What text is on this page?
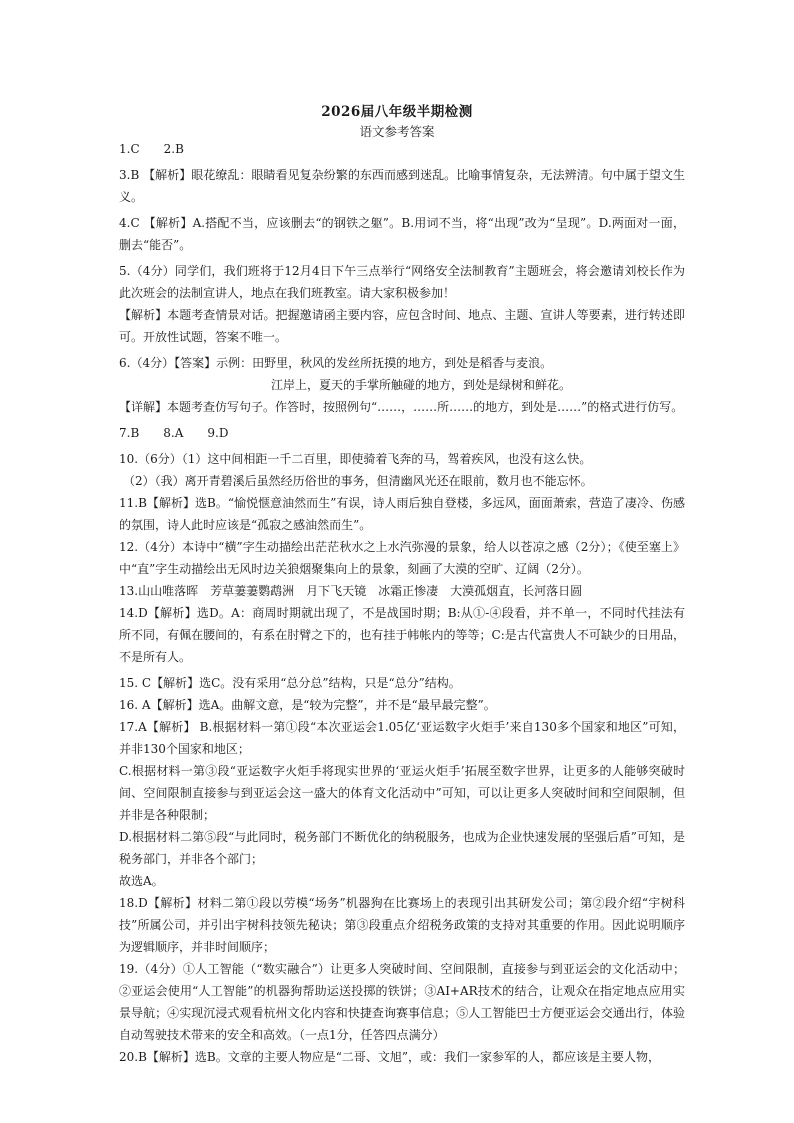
2026届八年级半期检测
语文参考答案

1.C　　2.B

3.B 【解析】眼花缭乱：眼睛看见复杂纷繁的东西而感到迷乱。比喻事情复杂，无法辨清。句中属于望文生义。

4.C 【解析】A.搭配不当，应该删去“的钢铁之躯”。B.用词不当，将“出现”改为“呈现”。D.两面对一面，删去“能否”。

5.（4分）同学们，我们班将于12月4日下午三点举行“网络安全法制教育”主题班会，将会邀请刘校长作为此次班会的法制宣讲人，地点在我们班教室。请大家积极参加！

【解析】本题考查情景对话。把握邀请函主要内容，应包含时间、地点、主题、宣讲人等要素，进行转述即可。开放性试题，答案不唯一。

6.（4分）【答案】示例：田野里，秋风的发丝所抚摸的地方，到处是稻香与麦浪。

江岸上，夏天的手掌所触碰的地方，到处是绿树和鲜花。

【详解】本题考查仿写句子。作答时，按照例句“……，……所……的地方，到处是……”的格式进行仿写。

7.B　　8.A　　9.D

10.（6分）（1）这中间相距一千二百里，即使骑着飞奔的马，驾着疾风，也没有这么快。

（2）（我）离开青碧溪后虽然经历俗世的事务，但清幽风光还在眼前，数月也不能忘怀。

11.B【解析】选B。“愉悦惬意油然而生”有误，诗人雨后独自登楼，多远风，面面萧索，营造了凄冷、伤感的氛围，诗人此时应该是“孤寂之感油然而生”。

12.（4分）本诗中“横”字生动描绘出茫茫秋水之上水汽弥漫的景象，给人以苍凉之感（2分）；《使至塞上》中“直”字生动描绘出无风时边关狼烟聚集向上的景象，刻画了大漠的空旷、辽阔（2分）。

13.山山唯落晖　芳草萋萋鹦鹉洲　月下飞天镜　冰霜正惨凄　大漠孤烟直，长河落日圆

14.D【解析】选D。A：商周时期就出现了，不是战国时期；B:从①-④段看，并不单一，不同时代挂法有所不同，有佩在腰间的，有系在肘臂之下的，也有挂于帏帐内的等等；C:是古代富贵人不可缺少的日用品，不是所有人。

15. C【解析】选C。没有采用“总分总”结构，只是“总分”结构。

16. A【解析】选A。曲解文意，是“较为完整”，并不是“最早最完整”。

17.A【解析】 B.根据材料一第①段“本次亚运会1.05亿‘亚运数字火炬手’来自130多个国家和地区”可知，并非130个国家和地区；

C.根据材料一第③段“亚运数字火炬手将现实世界的‘亚运火炬手’拓展至数字世界，让更多的人能够突破时间、空间限制直接参与到亚运会这一盛大的体育文化活动中”可知，可以让更多人突破时间和空间限制，但并非是各种限制；

D.根据材料二第⑤段“与此同时，税务部门不断优化的纳税服务，也成为企业快速发展的坚强后盾”可知，是税务部门，并非各个部门；

故选A。

18.D【解析】材料二第①段以劳模“场务”机器狗在比赛场上的表现引出其研发公司；第②段介绍“宇树科技”所属公司，并引出宇树科技领先秘诀；第③段重点介绍税务政策的支持对其重要的作用。因此说明顺序为逻辑顺序，并非时间顺序；

19.（4分）①人工智能（“数实融合”）让更多人突破时间、空间限制，直接参与到亚运会的文化活动中；②亚运会使用“人工智能”的机器狗帮助运送投掷的铁饼；③AI+AR技术的结合，让观众在指定地点应用实景导航；④实现沉浸式观看杭州文化内容和快捷查询赛事信息；⑤人工智能巴士方便亚运会交通出行，体验自动驾驶技术带来的安全和高效。（一点1分，任答四点满分）

20.B【解析】选B。文章的主要人物应是“二哥、文旭”，或：我们一家参军的人，都应该是主要人物，
